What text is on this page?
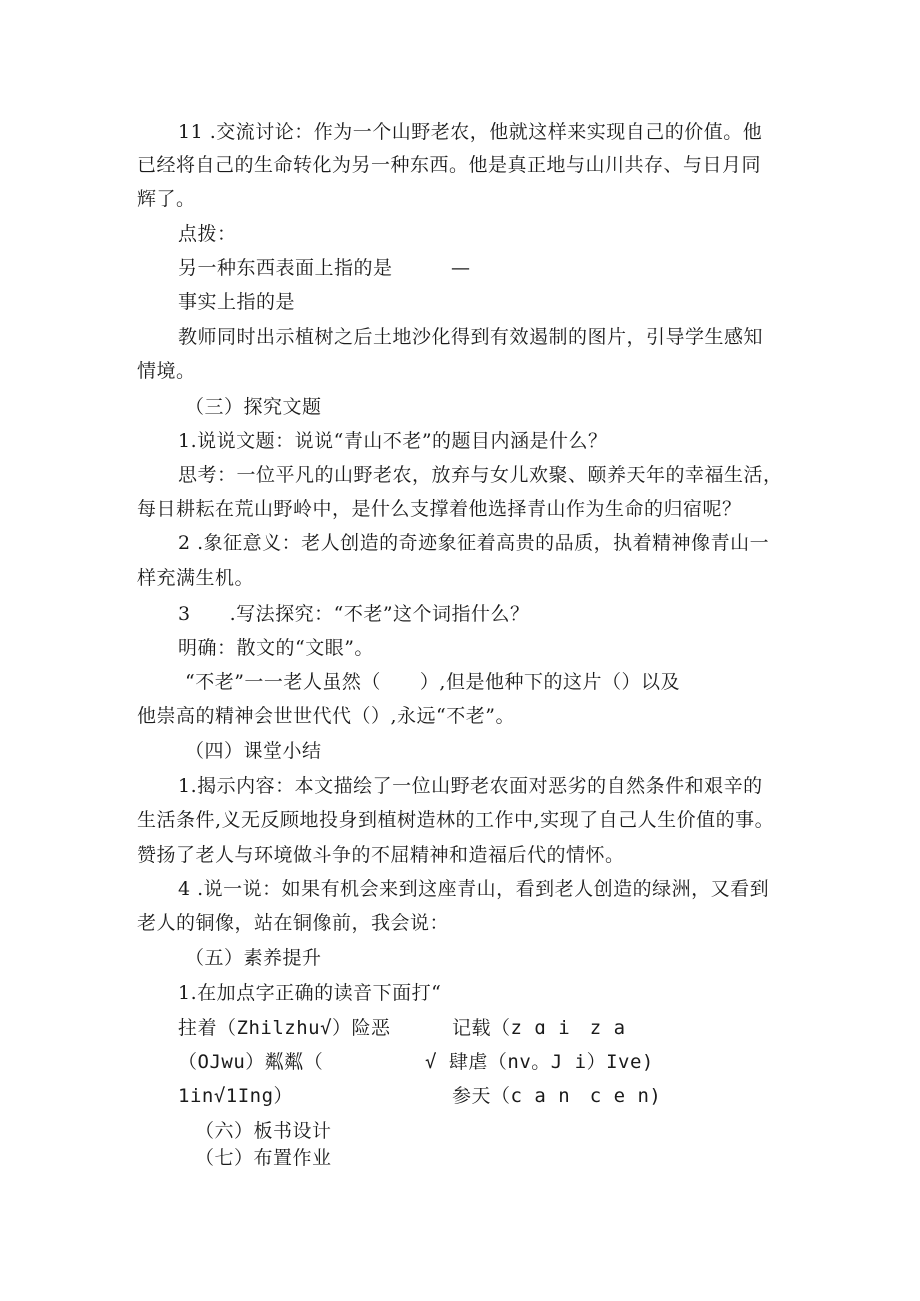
11 .交流讨论：作为一个山野老农，他就这样来实现自己的价值。他
已经将自己的生命转化为另一种东西。他是真正地与山川共存、与日月同
辉了。
点拨：
另一种东西表面上指的是　　　—
事实上指的是
教师同时出示植树之后土地沙化得到有效遏制的图片，引导学生感知
情境。
（三）探究文题
1.说说文题：说说“青山不老”的题目内涵是什么？
思考：一位平凡的山野老农，放弃与女儿欢聚、颐养天年的幸福生活，
每日耕耘在荒山野岭中，是什么支撑着他选择青山作为生命的归宿呢？
2 .象征意义：老人创造的奇迹象征着高贵的品质，执着精神像青山一
样充满生机。
3　　.写法探究：“不老”这个词指什么？
明确：散文的“文眼”。
“不老”一一老人虽然（　　）,但是他种下的这片（）以及
他崇高的精神会世世代代（）,永远“不老”。
（四）课堂小结
1.揭示内容：本文描绘了一位山野老农面对恶劣的自然条件和艰辛的
生活条件,义无反顾地投身到植树造林的工作中,实现了自己人生价值的事。
赞扬了老人与环境做斗争的不屈精神和造福后代的情怀。
4 .说一说：如果有机会来到这座青山，看到老人创造的绿洲，又看到
老人的铜像，站在铜像前，我会说：
（五）素养提升
1.在加点字正确的读音下面打“
拄着（Zhilzhu√）险恶	记载（z ɑ i　z a
（OJwu）粼粼（	√ 肆虐（nv。J i）Ive)
1in√1Ing）	参天（c a n　c e n)
（六）板书设计
（七）布置作业
